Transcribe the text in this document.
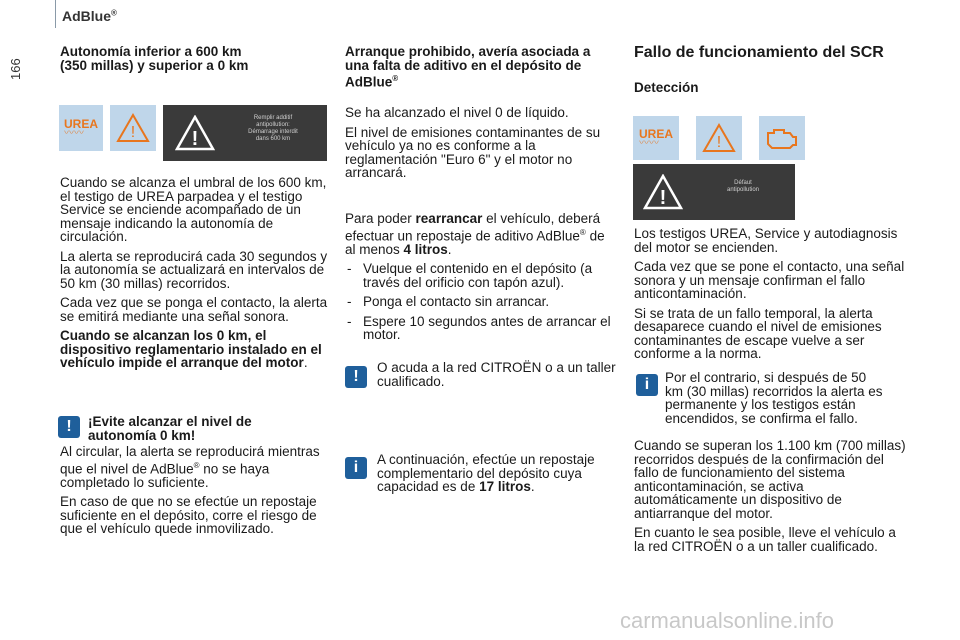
AdBlue®
166
Autonomía inferior a 600 km
(350 millas) y superior a 0 km
UREA
〰〰	!	!
Remplir additif
antipollution:
Démarrage interdit
dans 600 km

Cuando se alcanza el umbral de los 600 km, el testigo de UREA parpadea y el testigo Service se enciende acompañado de un mensaje indicando la autonomía de circulación.

La alerta se reproducirá cada 30 segundos y la autonomía se actualizará en intervalos de 50 km (30 millas) recorridos.

Cada vez que se ponga el contacto, la alerta se emitirá mediante una señal sonora.

Cuando se alcanzan los 0 km, el dispositivo reglamentario instalado en el vehículo impide el arranque del motor.

!	¡Evite alcanzar el nivel de autonomía 0 km!

Al circular, la alerta se reproducirá mientras que el nivel de AdBlue® no se haya completado lo suficiente.

En caso de que no se efectúe un repostaje suficiente en el depósito, corre el riesgo de que el vehículo quede inmovilizado.

Arranque prohibido, avería asociada a una falta de aditivo en el depósito de AdBlue®

Se ha alcanzado el nivel 0 de líquido.

El nivel de emisiones contaminantes de su vehículo ya no es conforme a la reglamentación "Euro 6" y el motor no arrancará.

Para poder rearrancar el vehículo, deberá efectuar un repostaje de aditivo AdBlue® de al menos 4 litros.

- Vuelque el contenido en el depósito (a través del orificio con tapón azul).
- Ponga el contacto sin arrancar.
- Espere 10 segundos antes de arrancar el motor.
!
O acuda a la red CITROËN o a un taller cualificado.
i	A continuación, efectúe un repostaje complementario del depósito cuya capacidad es de 17 litros.
Fallo de funcionamiento del SCR
Detección
UREA
〰〰	!
!
Défaut
antipollution

Los testigos UREA, Service y autodiagnosis del motor se encienden.

Cada vez que se pone el contacto, una señal sonora y un mensaje confirman el fallo anticontaminación.

Si se trata de un fallo temporal, la alerta desaparece cuando el nivel de emisiones contaminantes de escape vuelve a ser conforme a la norma.

i	Por el contrario, si después de 50 km (30 millas) recorridos la alerta es permanente y los testigos están encendidos, se confirma el fallo.

Cuando se superan los 1.100 km (700 millas) recorridos después de la confirmación del fallo de funcionamiento del sistema anticontaminación, se activa automáticamente un dispositivo de antiarranque del motor.

En cuanto le sea posible, lleve el vehículo a la red CITROËN o a un taller cualificado.

carmanualsonline.info
